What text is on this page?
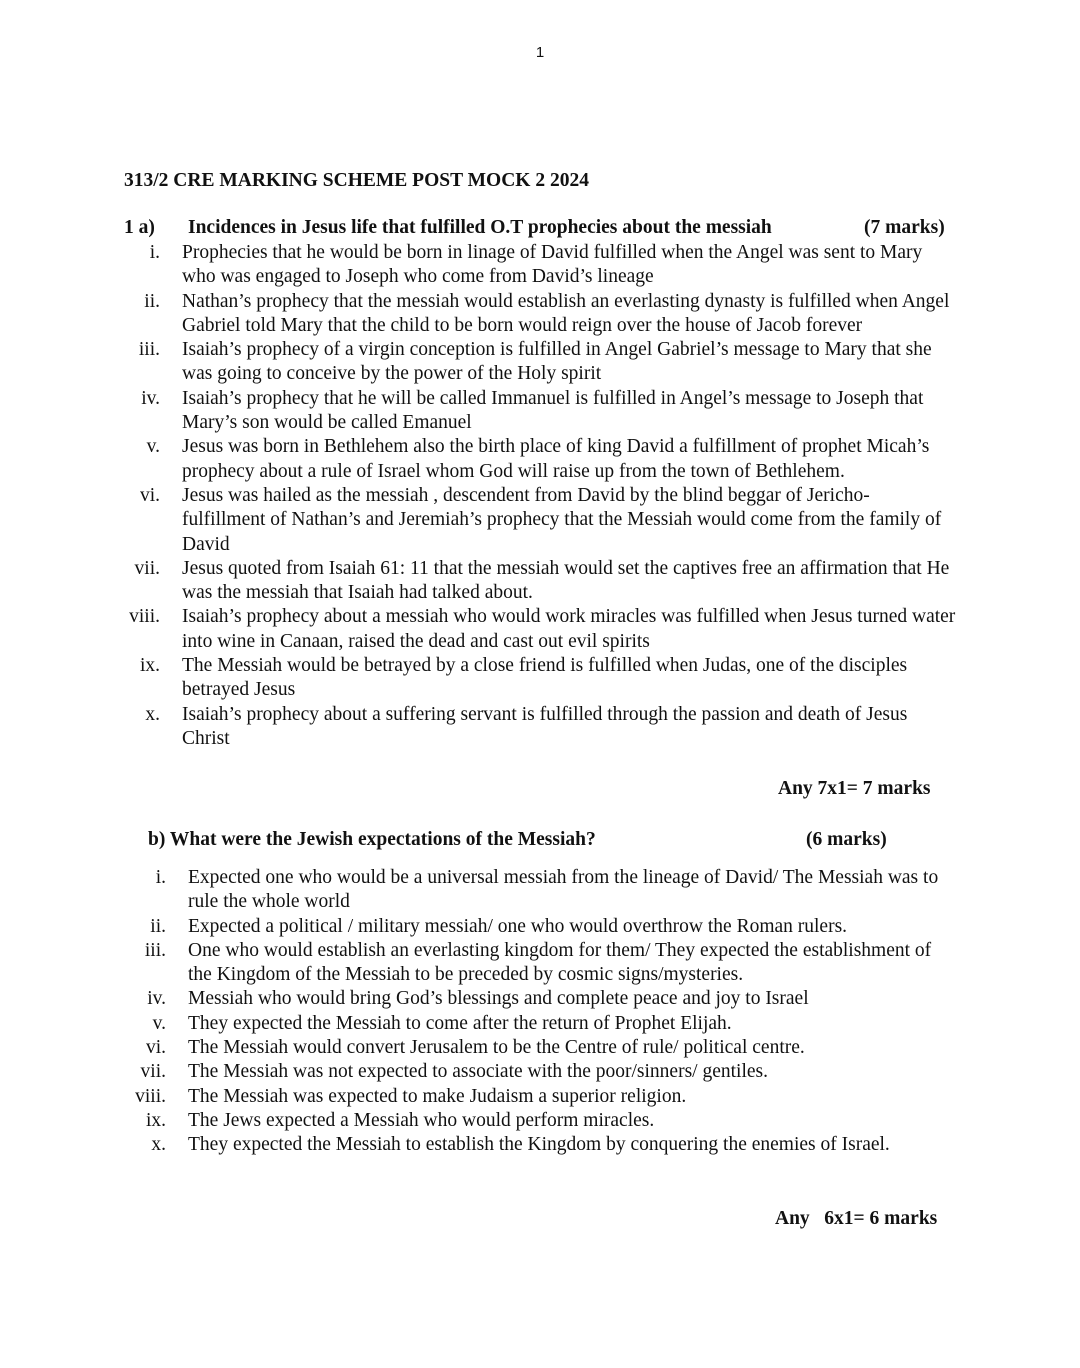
1
313/2 CRE MARKING SCHEME POST MOCK 2 2024
1 a) Incidences in Jesus life that fulfilled O.T prophecies about the messiah	(7 marks)
i. Prophecies that he would be born in linage of David fulfilled when the Angel was sent to Mary who was engaged to Joseph who come from David’s lineage
ii. Nathan’s prophecy that the messiah would establish an everlasting dynasty is fulfilled when Angel Gabriel told Mary that the child to be born would reign over the house of Jacob forever
iii. Isaiah’s prophecy of a virgin conception is fulfilled in Angel Gabriel’s message to Mary that she was going to conceive by the power of the Holy spirit
iv. Isaiah’s prophecy that he will be called Immanuel is fulfilled in Angel’s message to Joseph that Mary’s son would be called Emanuel
v. Jesus was born in Bethlehem also the birth place of king David a fulfillment of prophet Micah’s prophecy about a rule of Israel whom God will raise up from the town of Bethlehem.
vi. Jesus was hailed as the messiah , descendent from David by the blind beggar of Jericho- fulfillment of Nathan’s and Jeremiah’s prophecy that the Messiah would come from the family of David
vii. Jesus quoted from Isaiah 61: 11 that the messiah would set the captives free an affirmation that He was the messiah that Isaiah had talked about.
viii. Isaiah’s prophecy about a messiah who would work miracles was fulfilled when Jesus turned water into wine in Canaan, raised the dead and cast out evil spirits
ix. The Messiah would be betrayed by a close friend is fulfilled when Judas, one of the disciples betrayed Jesus
x. Isaiah’s prophecy about a suffering servant is fulfilled through the passion and death of Jesus Christ
Any 7x1= 7 marks
b) What were the Jewish expectations of the Messiah?	(6 marks)
i. Expected one who would be a universal messiah from the lineage of David/ The Messiah was to rule the whole world
ii. Expected a political / military messiah/ one who would overthrow the Roman rulers.
iii. One who would establish an everlasting kingdom for them/ They expected the establishment of the Kingdom of the Messiah to be preceded by cosmic signs/mysteries.
iv. Messiah who would bring God’s blessings and complete peace and joy to Israel
v. They expected the Messiah to come after the return of Prophet Elijah.
vi. The Messiah would convert Jerusalem to be the Centre of rule/ political centre.
vii. The Messiah was not expected to associate with the poor/sinners/ gentiles.
viii. The Messiah was expected to make Judaism a superior religion.
ix. The Jews expected a Messiah who would perform miracles.
x. They expected the Messiah to establish the Kingdom by conquering the enemies of Israel.
Any   6x1= 6 marks
